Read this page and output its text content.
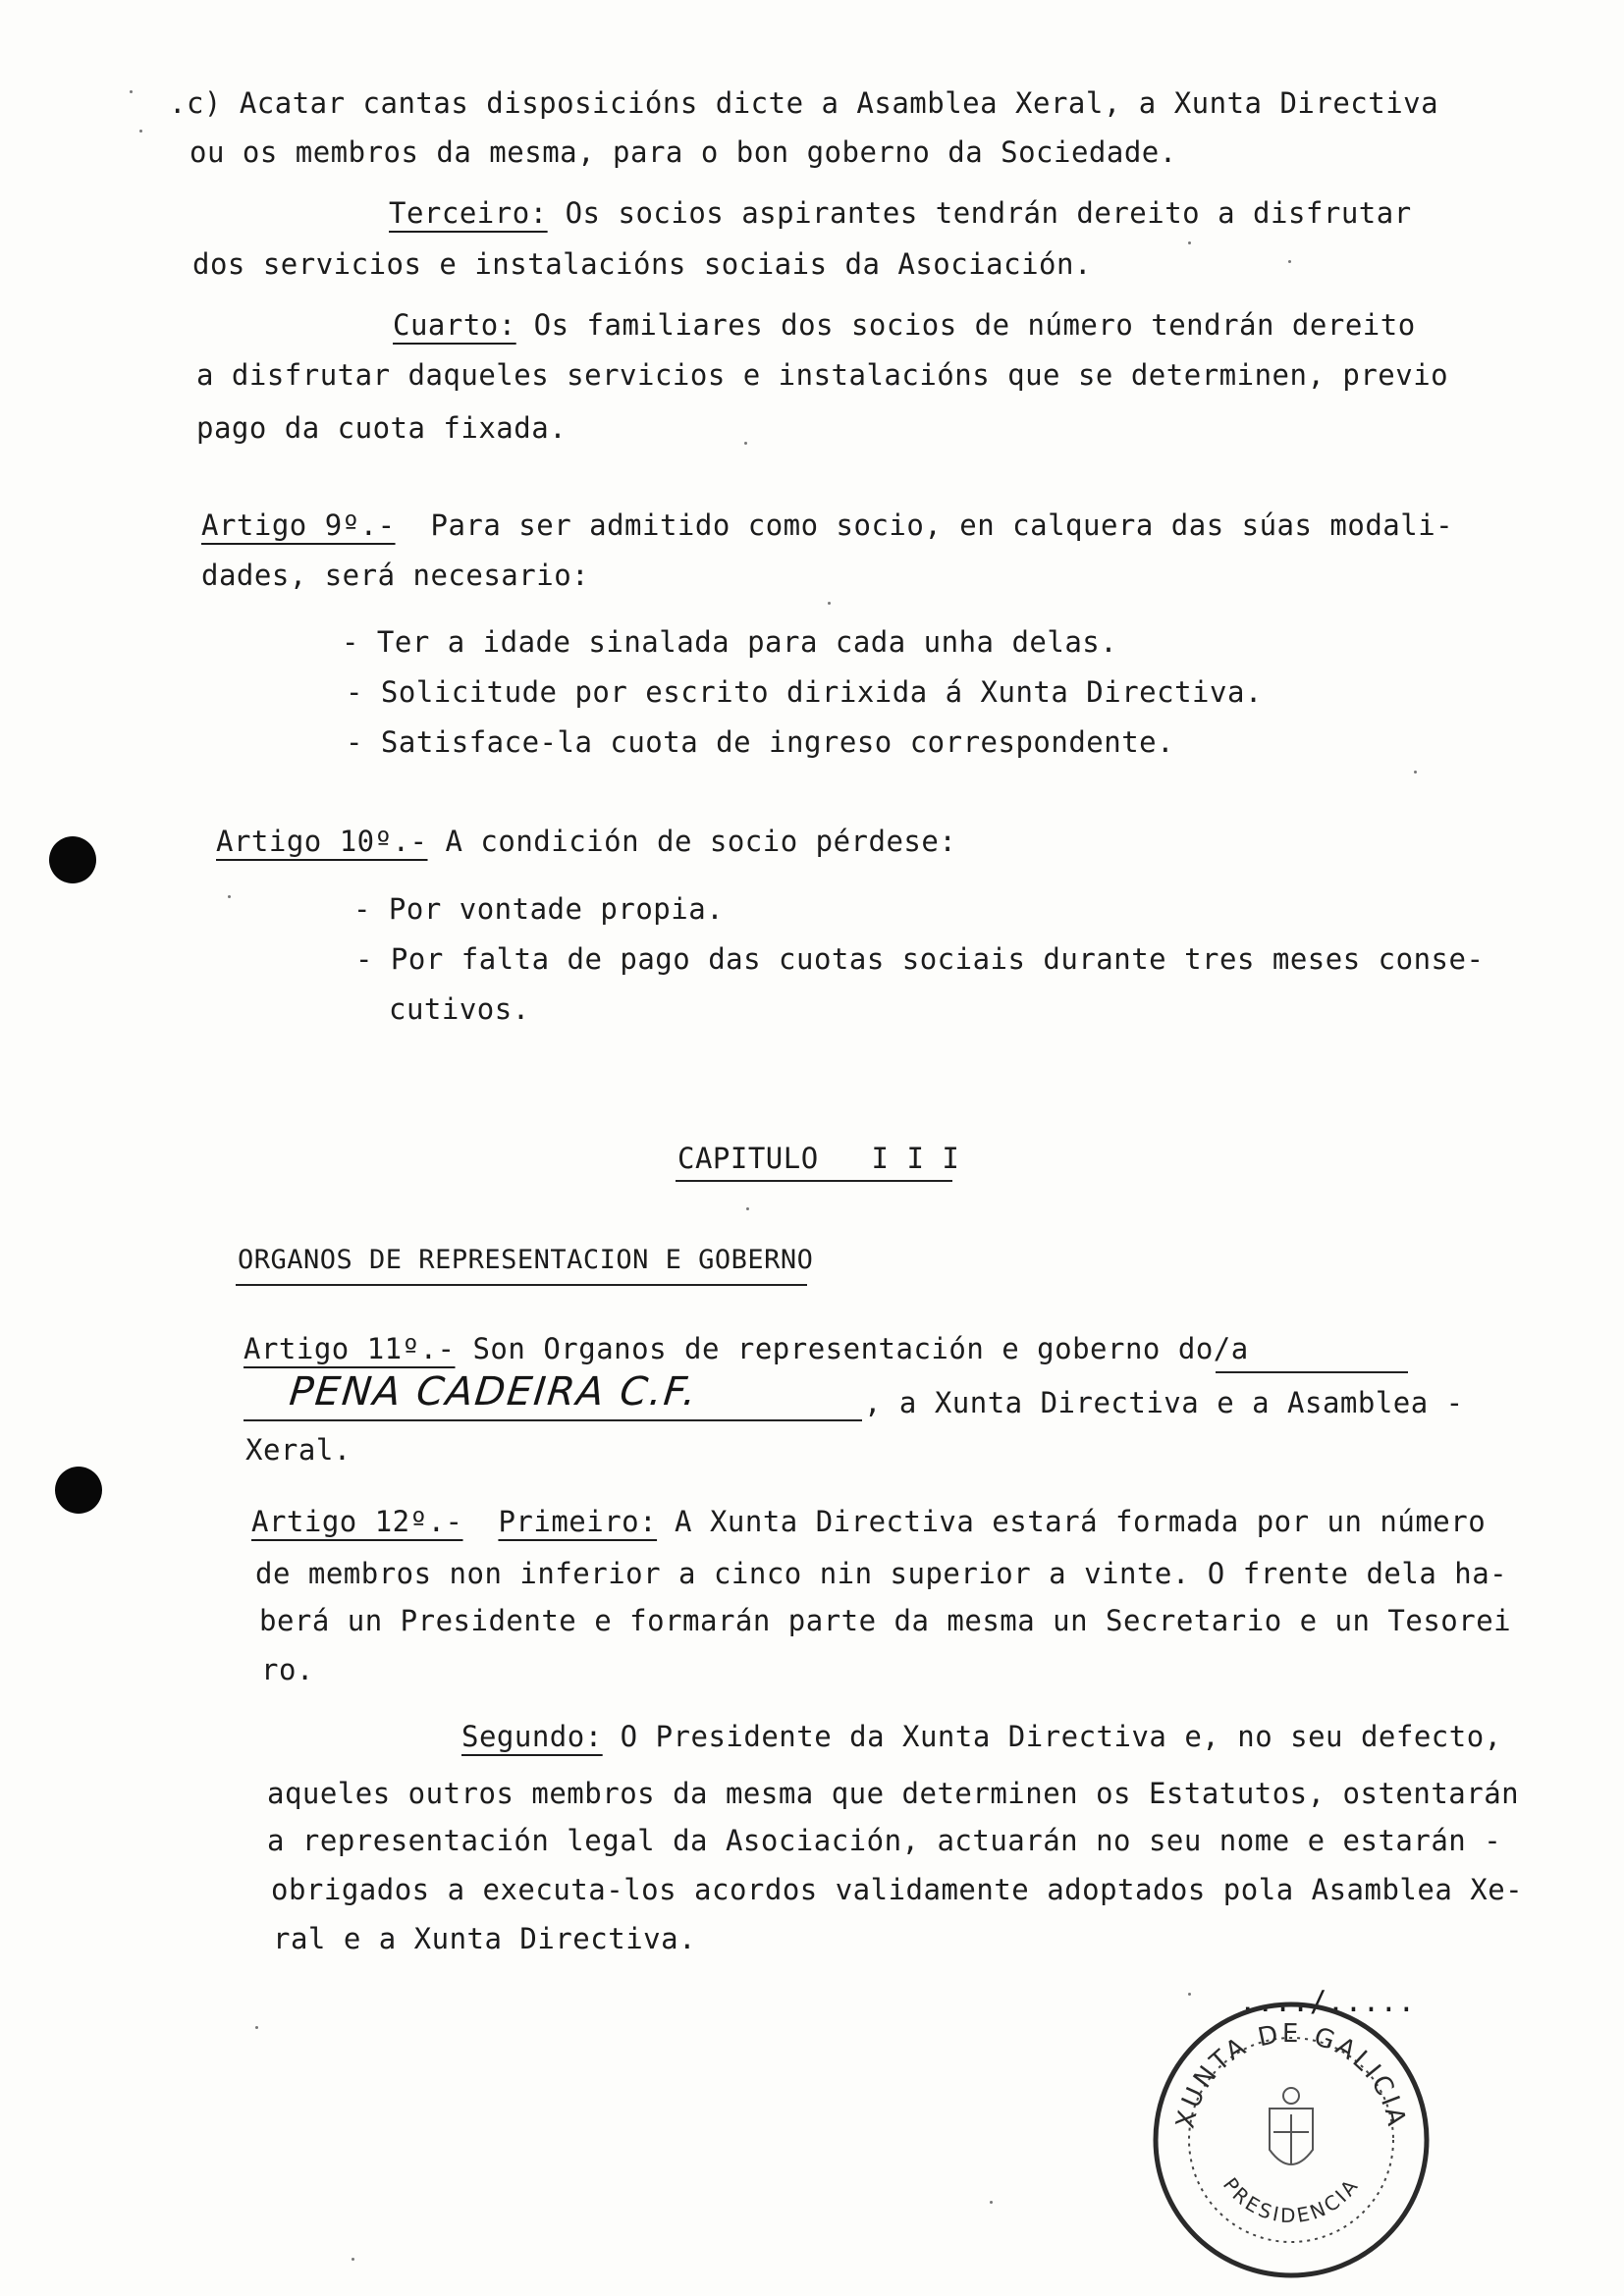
.c) Acatar cantas disposicións dicte a Asamblea Xeral, a Xunta Directiva
ou os membros da mesma, para o bon goberno da Sociedade.
Terceiro: Os socios aspirantes tendrán dereito a disfrutar
dos servicios e instalacións sociais da Asociación.
Cuarto: Os familiares dos socios de número tendrán dereito
a disfrutar daqueles servicios e instalacións que se determinen, previo
pago da cuota fixada.
Artigo 9º.-  Para ser admitido como socio, en calquera das súas modali-
dades, será necesario:
- Ter a idade sinalada para cada unha delas.
- Solicitude por escrito dirixida á Xunta Directiva.
- Satisface-la cuota de ingreso correspondente.
Artigo 10º.- A condición de socio pérdese:
- Por vontade propia.
- Por falta de pago das cuotas sociais durante tres meses conse-
cutivos.
CAPITULO   I I I
ORGANOS DE REPRESENTACION E GOBERNO
Artigo 11º.- Son Organos de representación e goberno do/a
PENA CADEIRA C.F.	, a Xunta Directiva e a Asamblea -
Xeral.
Artigo 12º.- Primeiro: A Xunta Directiva estará formada por un número
de membros non inferior a cinco nin superior a vinte. O frente dela ha-
berá un Presidente e formarán parte da mesma un Secretario e un Tesorei
ro.
Segundo: O Presidente da Xunta Directiva e, no seu defecto,
aqueles outros membros da mesma que determinen os Estatutos, ostentarán
a representación legal da Asociación, actuarán no seu nome e estarán -
obrigados a executa-los acordos validamente adoptados pola Asamblea Xe-
ral e a Xunta Directiva.
..../.....
XUNTA DE GALICIA
PRESIDENCIA
